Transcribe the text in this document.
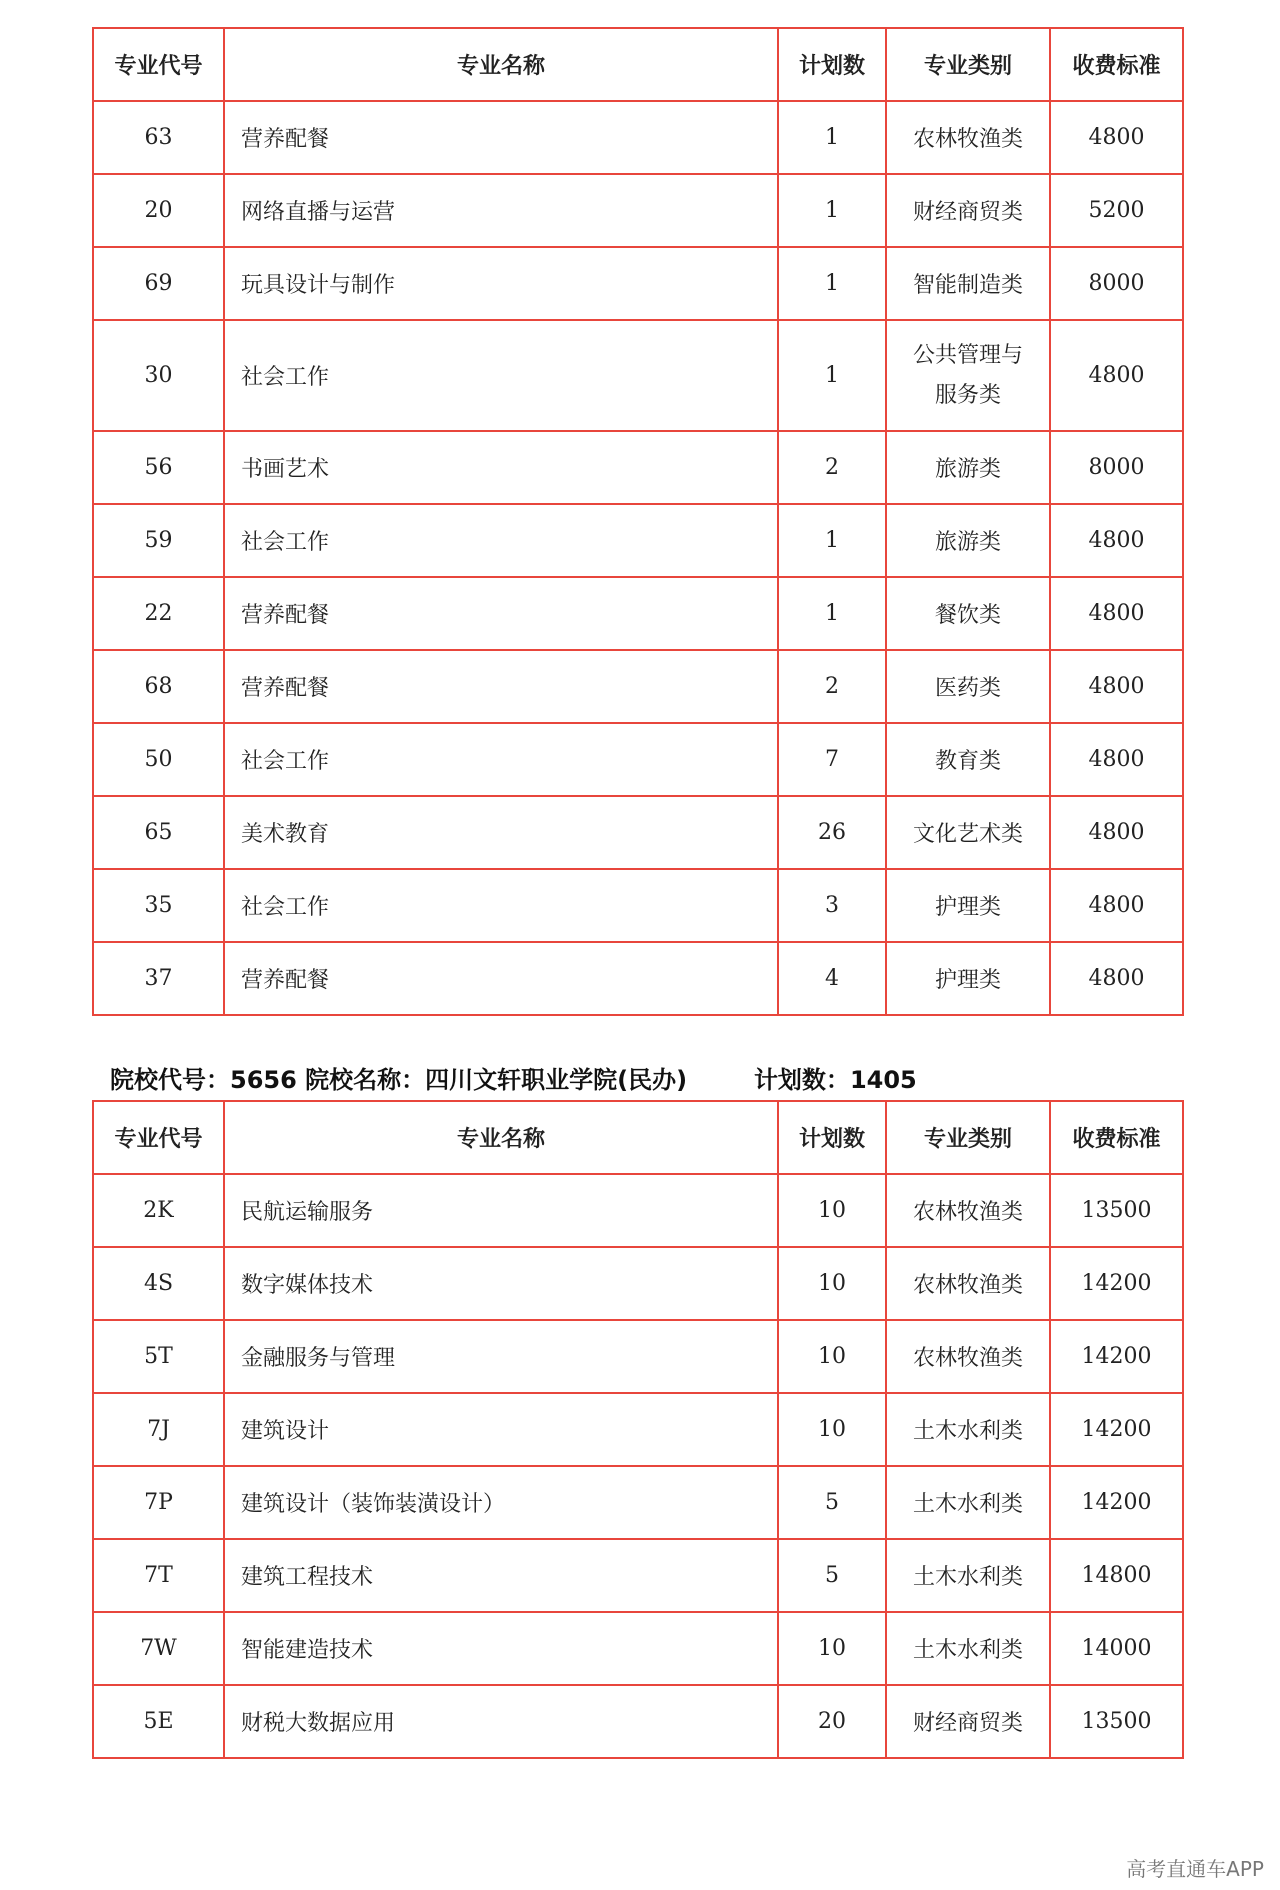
专业代号	专业名称	计划数	专业类别	收费标准
63	营养配餐	1	农林牧渔类	4800
20	网络直播与运营	1	财经商贸类	5200
69	玩具设计与制作	1	智能制造类	8000
30	社会工作	1	公共管理与服务类	4800
56	书画艺术	2	旅游类	8000
59	社会工作	1	旅游类	4800
22	营养配餐	1	餐饮类	4800
68	营养配餐	2	医药类	4800
50	社会工作	7	教育类	4800
65	美术教育	26	文化艺术类	4800
35	社会工作	3	护理类	4800
37	营养配餐	4	护理类	4800
院校代号：5656 院校名称：四川文轩职业学院(民办)	计划数：1405
专业代号	专业名称	计划数	专业类别	收费标准
2K	民航运输服务	10	农林牧渔类	13500
4S	数字媒体技术	10	农林牧渔类	14200
5T	金融服务与管理	10	农林牧渔类	14200
7J	建筑设计	10	土木水利类	14200
7P	建筑设计（装饰装潢设计）	5	土木水利类	14200
7T	建筑工程技术	5	土木水利类	14800
7W	智能建造技术	10	土木水利类	14000
5E	财税大数据应用	20	财经商贸类	13500
高考直通车APP
